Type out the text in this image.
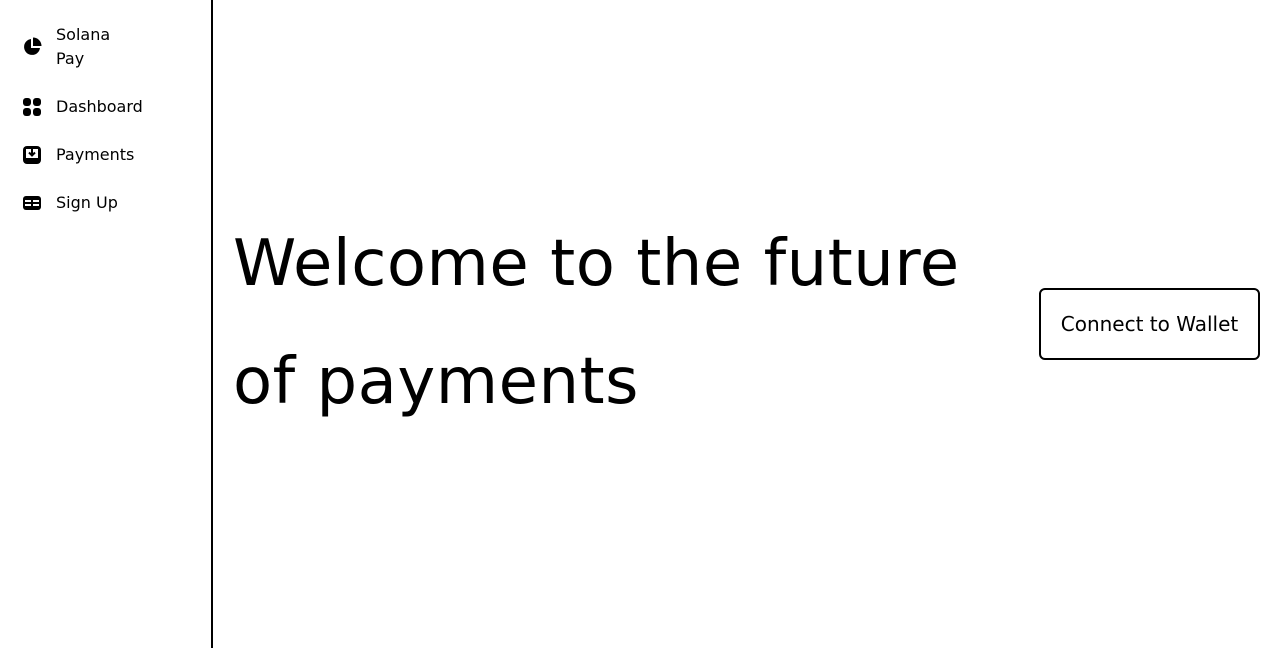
Solana Pay
Dashboard
Payments
Sign Up
Welcome to the future of payments
Connect to Wallet
